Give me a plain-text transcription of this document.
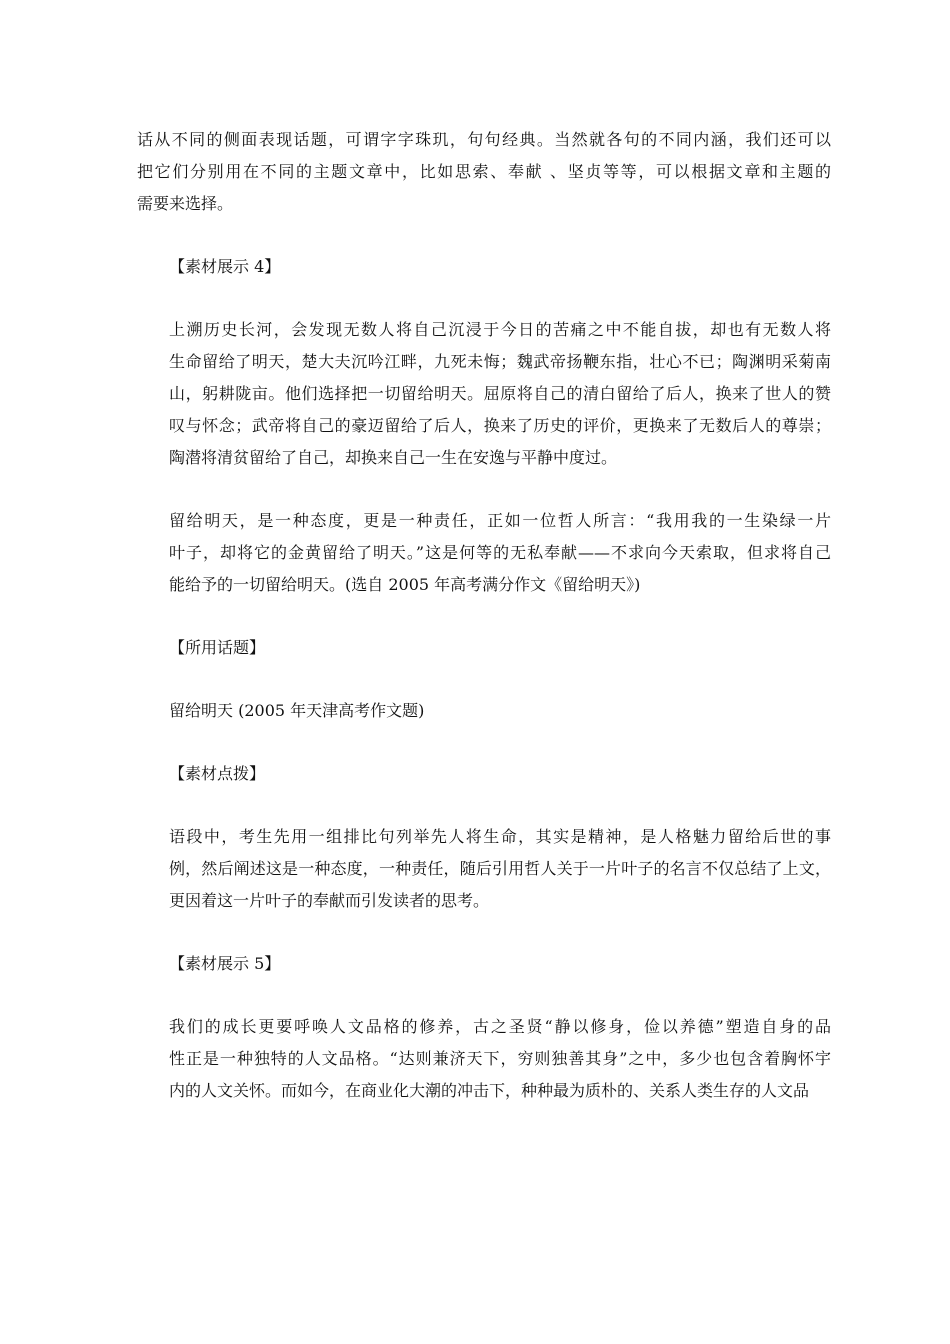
话从不同的侧面表现话题，可谓字字珠玑，句句经典。当然就各句的不同内涵，我们还可以
把它们分别用在不同的主题文章中，比如思索、奉献 、坚贞等等，可以根据文章和主题的
需要来选择。
【素材展示 4】
上溯历史长河，会发现无数人将自己沉浸于今日的苦痛之中不能自拔，却也有无数人将
生命留给了明天，楚大夫沉吟江畔，九死未悔；魏武帝扬鞭东指，壮心不已；陶渊明采菊南
山，躬耕陇亩。他们选择把一切留给明天。屈原将自己的清白留给了后人，换来了世人的赞
叹与怀念；武帝将自己的豪迈留给了后人，换来了历史的评价，更换来了无数后人的尊崇；
陶潜将清贫留给了自己，却换来自己一生在安逸与平静中度过。
留给明天，是一种态度，更是一种责任，正如一位哲人所言：“我用我的一生染绿一片
叶子，却将它的金黄留给了明天。”这是何等的无私奉献——不求向今天索取，但求将自己
能给予的一切留给明天。(选自 2005 年高考满分作文《留给明天》)
【所用话题】
留给明天 (2005 年天津高考作文题)
【素材点拨】
语段中，考生先用一组排比句列举先人将生命，其实是精神，是人格魅力留给后世的事
例，然后阐述这是一种态度，一种责任，随后引用哲人关于一片叶子的名言不仅总结了上文，
更因着这一片叶子的奉献而引发读者的思考。
【素材展示 5】
我们的成长更要呼唤人文品格的修养，古之圣贤“静以修身，俭以养德”塑造自身的品
性正是一种独特的人文品格。“达则兼济天下，穷则独善其身”之中，多少也包含着胸怀宇
内的人文关怀。而如今，在商业化大潮的冲击下，种种最为质朴的、关系人类生存的人文品
